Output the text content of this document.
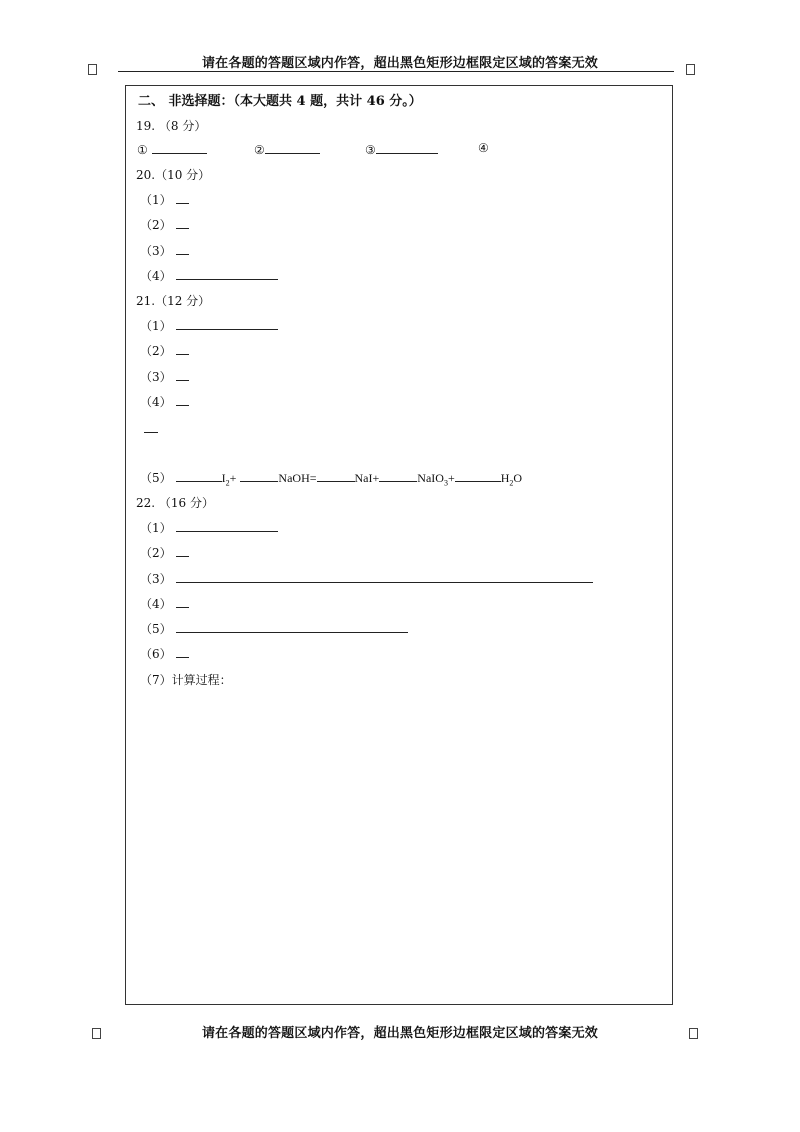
请在各题的答题区域内作答，超出黑色矩形边框限定区域的答案无效
二、 非选择题：（本大题共 4 题，共计 46 分。）
19. （8 分）
①	②	③	④
20.（10 分）
（1）
（2）
（3）
（4）
21.（12 分）
（1）
（2）
（3）
（4）
（5）	$I_2+$	NaOH=	NaI+	NaIO$_3$+	$H_2O$
22. （16 分）
（1）
（2）
（3）
（4）
（5）
（6）
（7）计算过程：
请在各题的答题区域内作答，超出黑色矩形边框限定区域的答案无效
